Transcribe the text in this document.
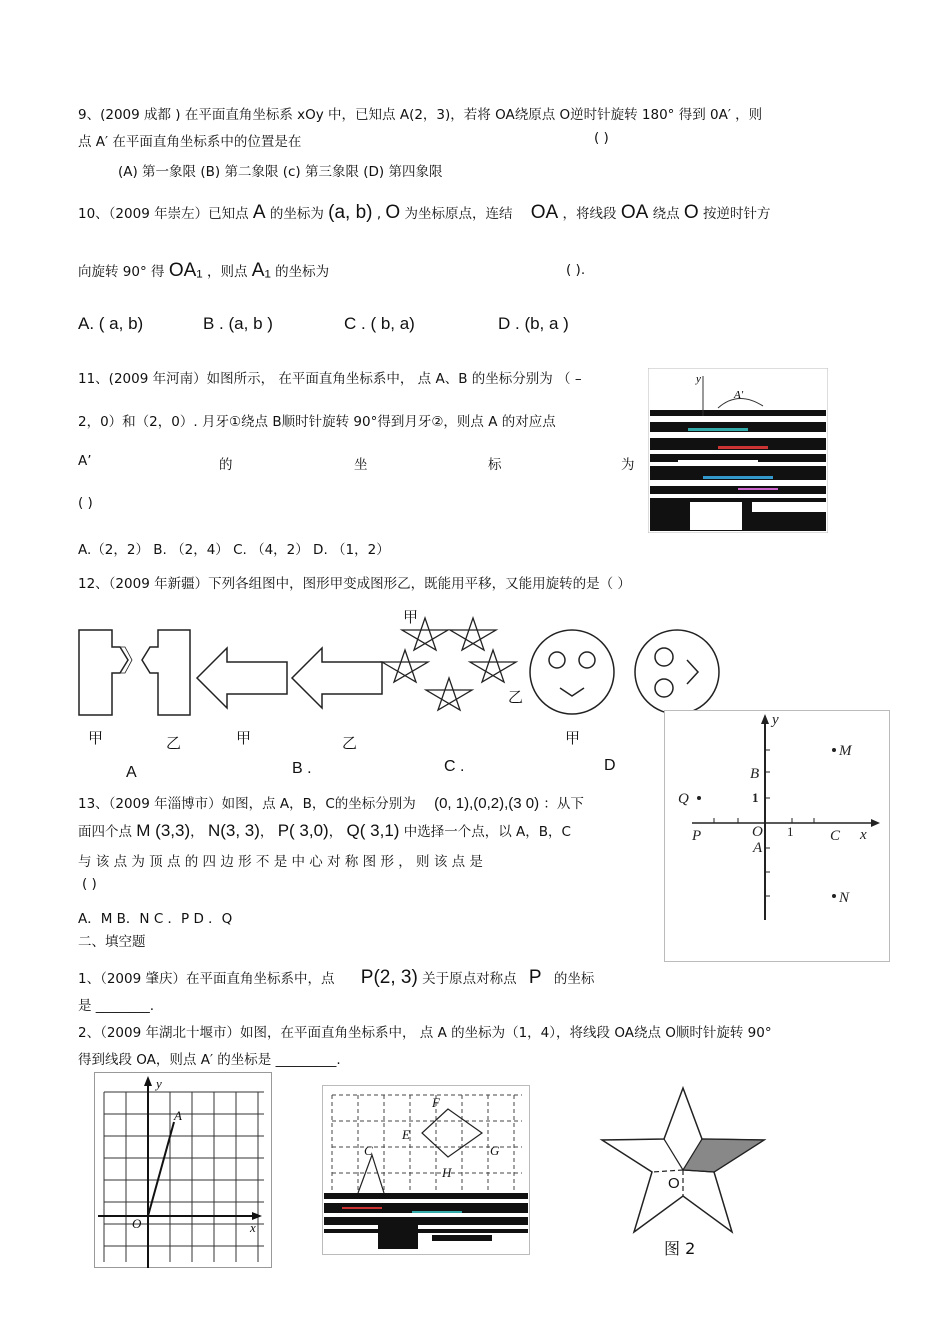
9、(2009 成都 ) 在平面直角坐标系 xOy 中，已知点 A(2，3)，若将 OA绕原点 O逆时针旋转 180° 得到 0A′ ，则
点 A′ 在平面直角坐标系中的位置是在	( )
(A) 第一象限 (B) 第二象限 (c) 第三象限 (D) 第四象限
10、（2009 年崇左）已知点 A 的坐标为 (a, b) , O 为坐标原点，连结 OA ，将线段 OA 绕点 O 按逆时针方
向旋转 90° 得 OA₁ ，则点 A₁ 的坐标为	( ).
A. ( a, b)	B . (a, b )	C . ( b, a)	D . (b, a )
11、(2009 年河南）如图所示， 在平面直角坐标系中， 点 A、B 的坐标分别为 （ –
2，0）和（2，0）. 月牙①绕点 B顺时针旋转 90°得到月牙②，则点 A 的对应点
A’	的	坐	标	为
( )
A.（2，2） B. （2，4） C. （4，2） D. （1，2）
y
A′
12、（2009 年新疆）下列各组图中，图形甲变成图形乙，既能用平移，又能用旋转的是（ ）
甲
乙
甲	乙	甲	乙	甲
A	B .	C .	D
13、（2009 年淄博市）如图，点 A，B，C的坐标分别为 (0, 1),(0,2),(3 0) ：从下
面四个点 M (3,3)， N(3, 3)， P( 3,0)， Q( 3,1) 中选择一个点，以 A，B，C
与 该 点 为 顶 点 的 四 边 形 不 是 中 心 对 称 图 形 ， 则 该 点 是
( )
A．M B．N C ．P D ．Q
y
x
M
N
B
1
Q
P	O
A
1 C
二、填空题
1、（2009 肇庆）在平面直角坐标系中，点 P(2, 3) 关于原点对称点 P 的坐标
是 ________.
2、（2009 年湖北十堰市）如图，在平面直角坐标系中， 点 A 的坐标为（1，4），将线段 OA绕点 O顺时针旋转 90°
得到线段 OA，则点 A′ 的坐标是 _________.
y
A
O	x
F
E
G
C
H
O
图 2
